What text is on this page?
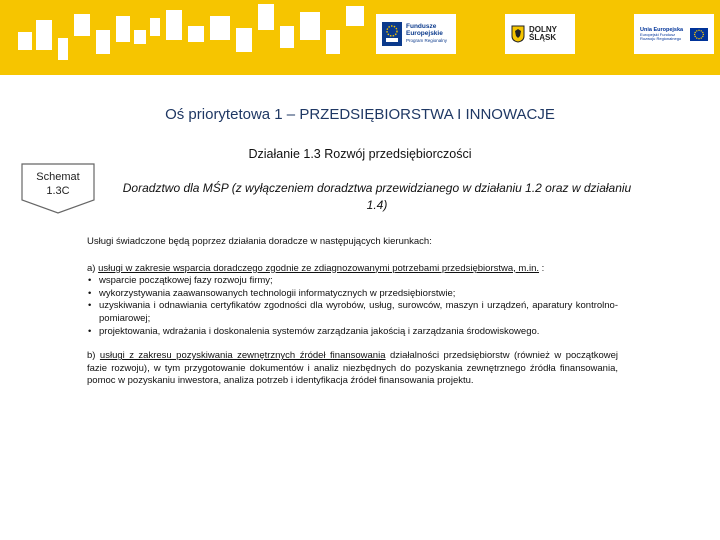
Fundusze Europejskie
Program Regionalny
DOLNY
ŚLĄSK
Unia Europejska
Europejski Fundusz Rozwoju Regionalnego
Oś priorytetowa 1 – PRZEDSIĘBIORSTWA I INNOWACJE
Działanie 1.3 Rozwój przedsiębiorczości
Schemat
1.3C	Doradztwo dla MŚP (z wyłączeniem doradztwa przewidzianego w działaniu 1.2 oraz w działaniu 1.4)

Usługi świadczone będą poprzez działania doradcze w następujących kierunkach:

a) usługi w zakresie wsparcia doradczego zgodnie ze zdiagnozowanymi potrzebami przedsiębiorstwa, m.in. :

• wsparcie początkowej fazy rozwoju firmy;
• wykorzystywania zaawansowanych technologii informatycznych w przedsiębiorstwie;
• uzyskiwania i odnawiania certyfikatów zgodności dla wyrobów, usług, surowców, maszyn i urządzeń, aparatury kontrolno-pomiarowej;
• projektowania, wdrażania i doskonalenia systemów zarządzania jakością i zarządzania środowiskowego.

b) usługi z zakresu pozyskiwania zewnętrznych źródeł finansowania działalności przedsiębiorstw (również w początkowej fazie rozwoju), w tym przygotowanie dokumentów i analiz niezbędnych do pozyskania zewnętrznego źródła finansowania, pomoc w pozyskaniu inwestora, analiza potrzeb i identyfikacja źródeł finansowania projektu.
